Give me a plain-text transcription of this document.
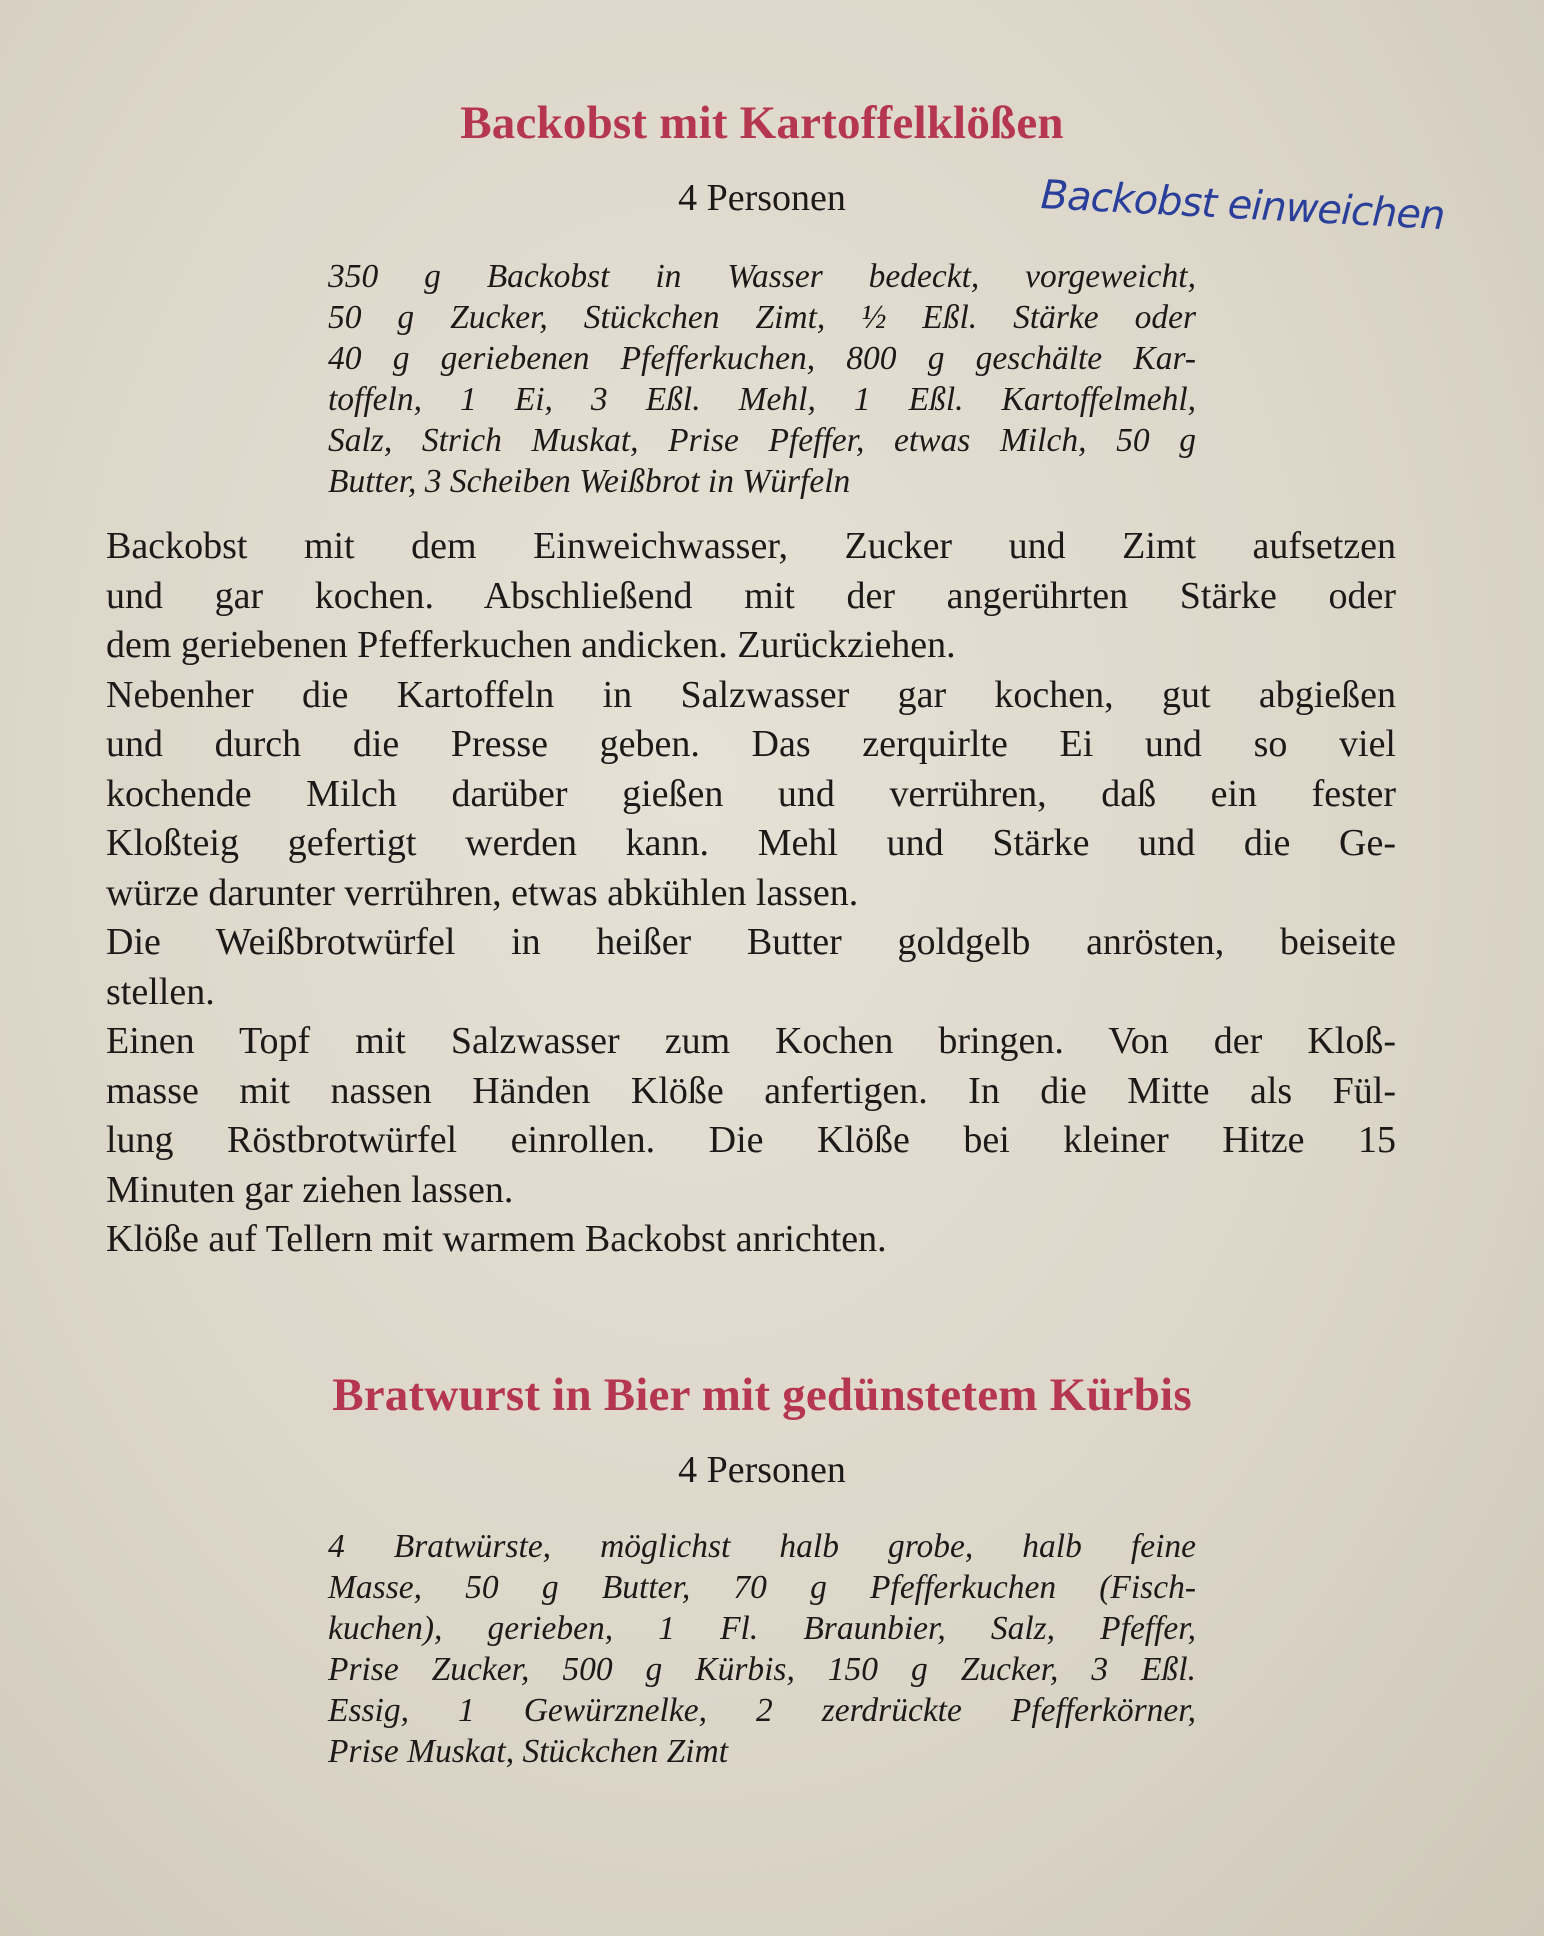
Backobst mit Kartoffelklößen

4 Personen	Backobst einweichen
350 g Backobst in Wasser bedeckt, vorgeweicht,
50 g Zucker, Stückchen Zimt, ½ Eßl. Stärke oder
40 g geriebenen Pfefferkuchen, 800 g geschälte Kar-
toffeln, 1 Ei, 3 Eßl. Mehl, 1 Eßl. Kartoffelmehl,
Salz, Strich Muskat, Prise Pfeffer, etwas Milch, 50 g
Butter, 3 Scheiben Weißbrot in Würfeln
Backobst mit dem Einweichwasser, Zucker und Zimt aufsetzen
und gar kochen. Abschließend mit der angerührten Stärke oder
dem geriebenen Pfefferkuchen andicken. Zurückziehen.
Nebenher die Kartoffeln in Salzwasser gar kochen, gut abgießen
und durch die Presse geben. Das zerquirlte Ei und so viel
kochende Milch darüber gießen und verrühren, daß ein fester
Kloßteig gefertigt werden kann. Mehl und Stärke und die Ge-
würze darunter verrühren, etwas abkühlen lassen.
Die Weißbrotwürfel in heißer Butter goldgelb anrösten, beiseite
stellen.
Einen Topf mit Salzwasser zum Kochen bringen. Von der Kloß-
masse mit nassen Händen Klöße anfertigen. In die Mitte als Fül-
lung Röstbrotwürfel einrollen. Die Klöße bei kleiner Hitze 15
Minuten gar ziehen lassen.
Klöße auf Tellern mit warmem Backobst anrichten.
Bratwurst in Bier mit gedünstetem Kürbis

4 Personen

4 Bratwürste, möglichst halb grobe, halb feine
Masse, 50 g Butter, 70 g Pfefferkuchen (Fisch-
kuchen), gerieben, 1 Fl. Braunbier, Salz, Pfeffer,
Prise Zucker, 500 g Kürbis, 150 g Zucker, 3 Eßl.
Essig, 1 Gewürznelke, 2 zerdrückte Pfefferkörner,
Prise Muskat, Stückchen Zimt
